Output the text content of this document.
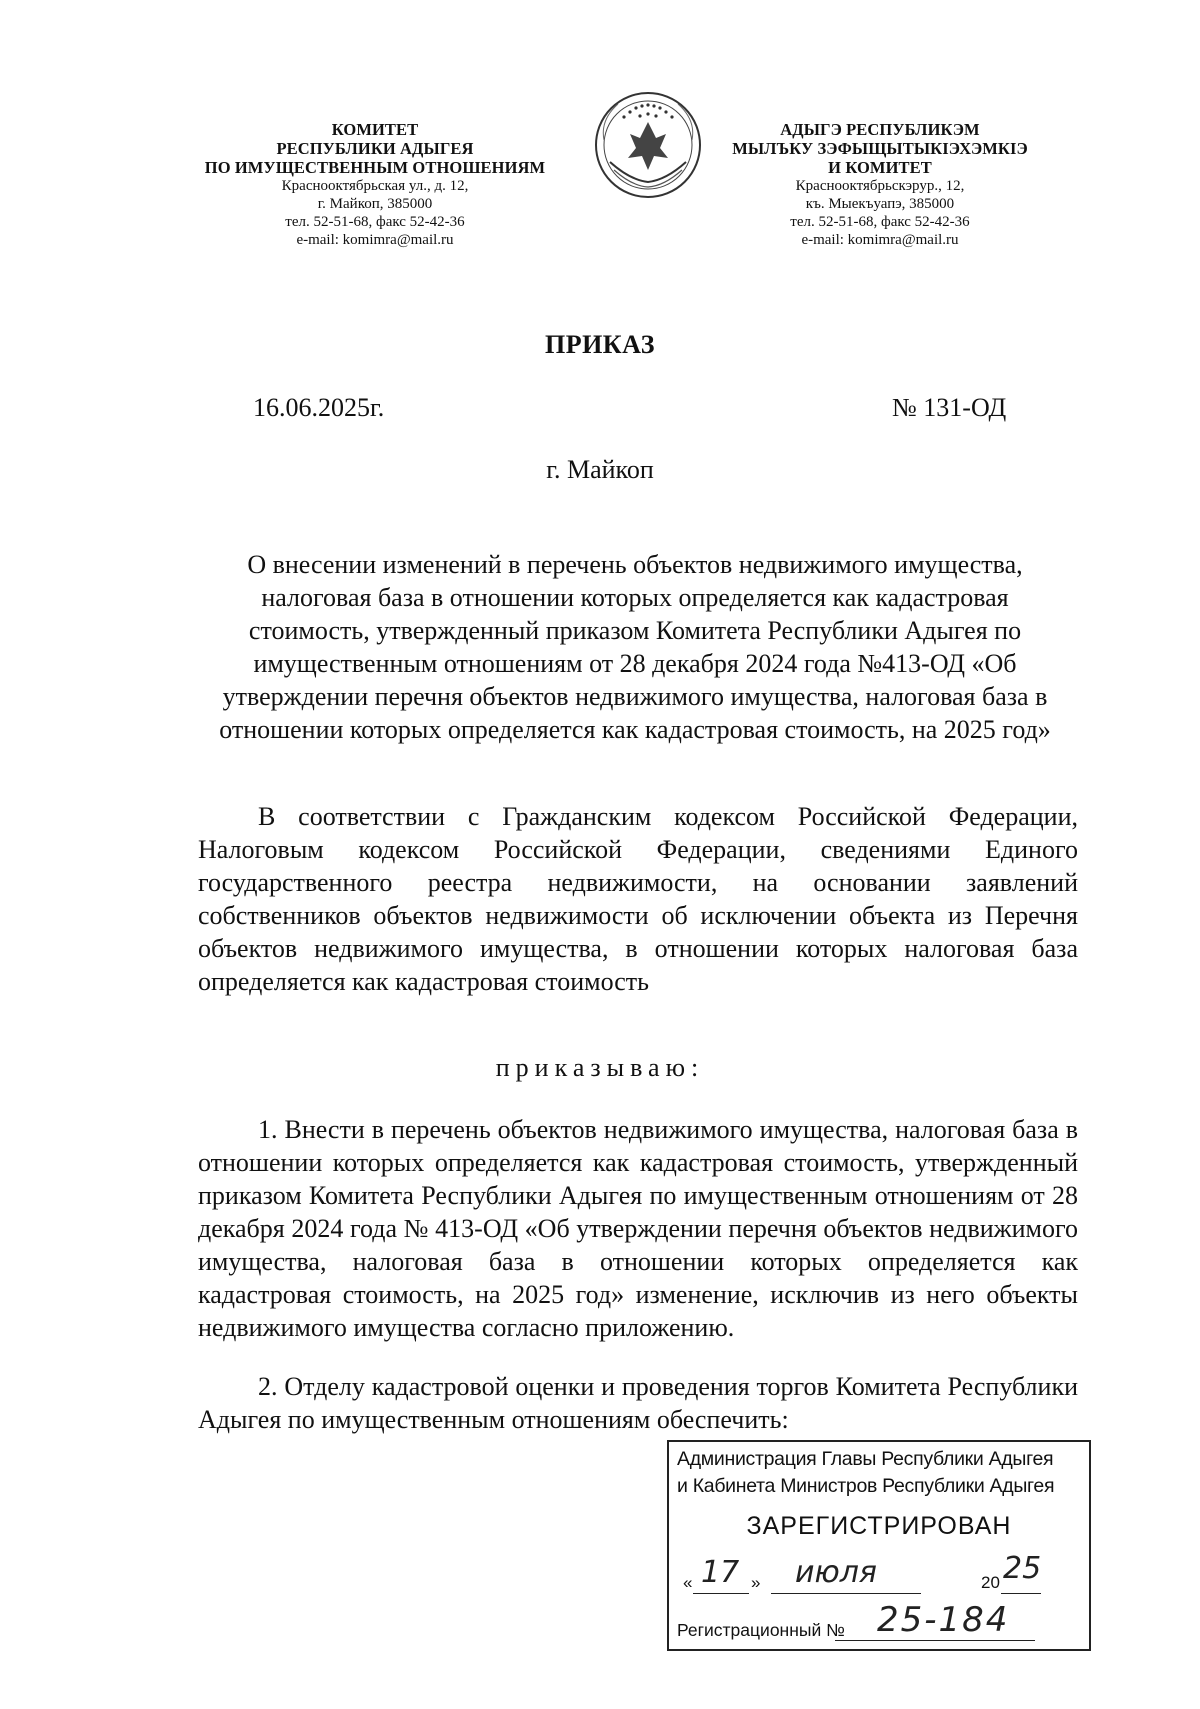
КОМИТЕТ
РЕСПУБЛИКИ АДЫГЕЯ
ПО ИМУЩЕСТВЕННЫМ ОТНОШЕНИЯМ
Краснооктябрьская ул., д. 12,
г. Майкоп, 385000
тел. 52-51-68, факс 52-42-36
e-mail: komimra@mail.ru
АДЫГЭ РЕСПУБЛИКЭМ
МЫЛЪКУ ЗЭФЫЩЫТЫКIЭХЭМКIЭ
И КОМИТЕТ
Краснооктябрьскэрур., 12,
къ. Мыекъуапэ, 385000
тел. 52-51-68, факс 52-42-36
e-mail: komimra@mail.ru
ПРИКАЗ
16.06.2025г.	№ 131-ОД
г. Майкоп
О внесении изменений в перечень объектов недвижимого имущества,
налоговая база в отношении которых определяется как кадастровая
стоимость, утвержденный приказом Комитета Республики Адыгея по
имущественным отношениям от 28 декабря 2024 года №413-ОД «Об
утверждении перечня объектов недвижимого имущества, налоговая база в
отношении которых определяется как кадастровая стоимость, на 2025 год»
В соответствии с Гражданским кодексом Российской Федерации, Налоговым кодексом Российской Федерации, сведениями Единого государственного реестра недвижимости, на основании заявлений собственников объектов недвижимости об исключении объекта из Перечня объектов недвижимого имущества, в отношении которых налоговая база определяется как кадастровая стоимость
приказываю:
1. Внести в перечень объектов недвижимого имущества, налоговая база в отношении которых определяется как кадастровая стоимость, утвержденный приказом Комитета Республики Адыгея по имущественным отношениям от 28 декабря 2024 года № 413-ОД «Об утверждении перечня объектов недвижимого имущества, налоговая база в отношении которых определяется как кадастровая стоимость, на 2025 год» изменение, исключив из него объекты недвижимого имущества согласно приложению.
2. Отделу кадастровой оценки и проведения торгов Комитета Республики Адыгея по имущественным отношениям обеспечить:
Администрация Главы Республики Адыгея
и Кабинета Министров Республики Адыгея
ЗАРЕГИСТРИРОВАН
« 17 » июля	20 25
Регистрационный № 25-184
